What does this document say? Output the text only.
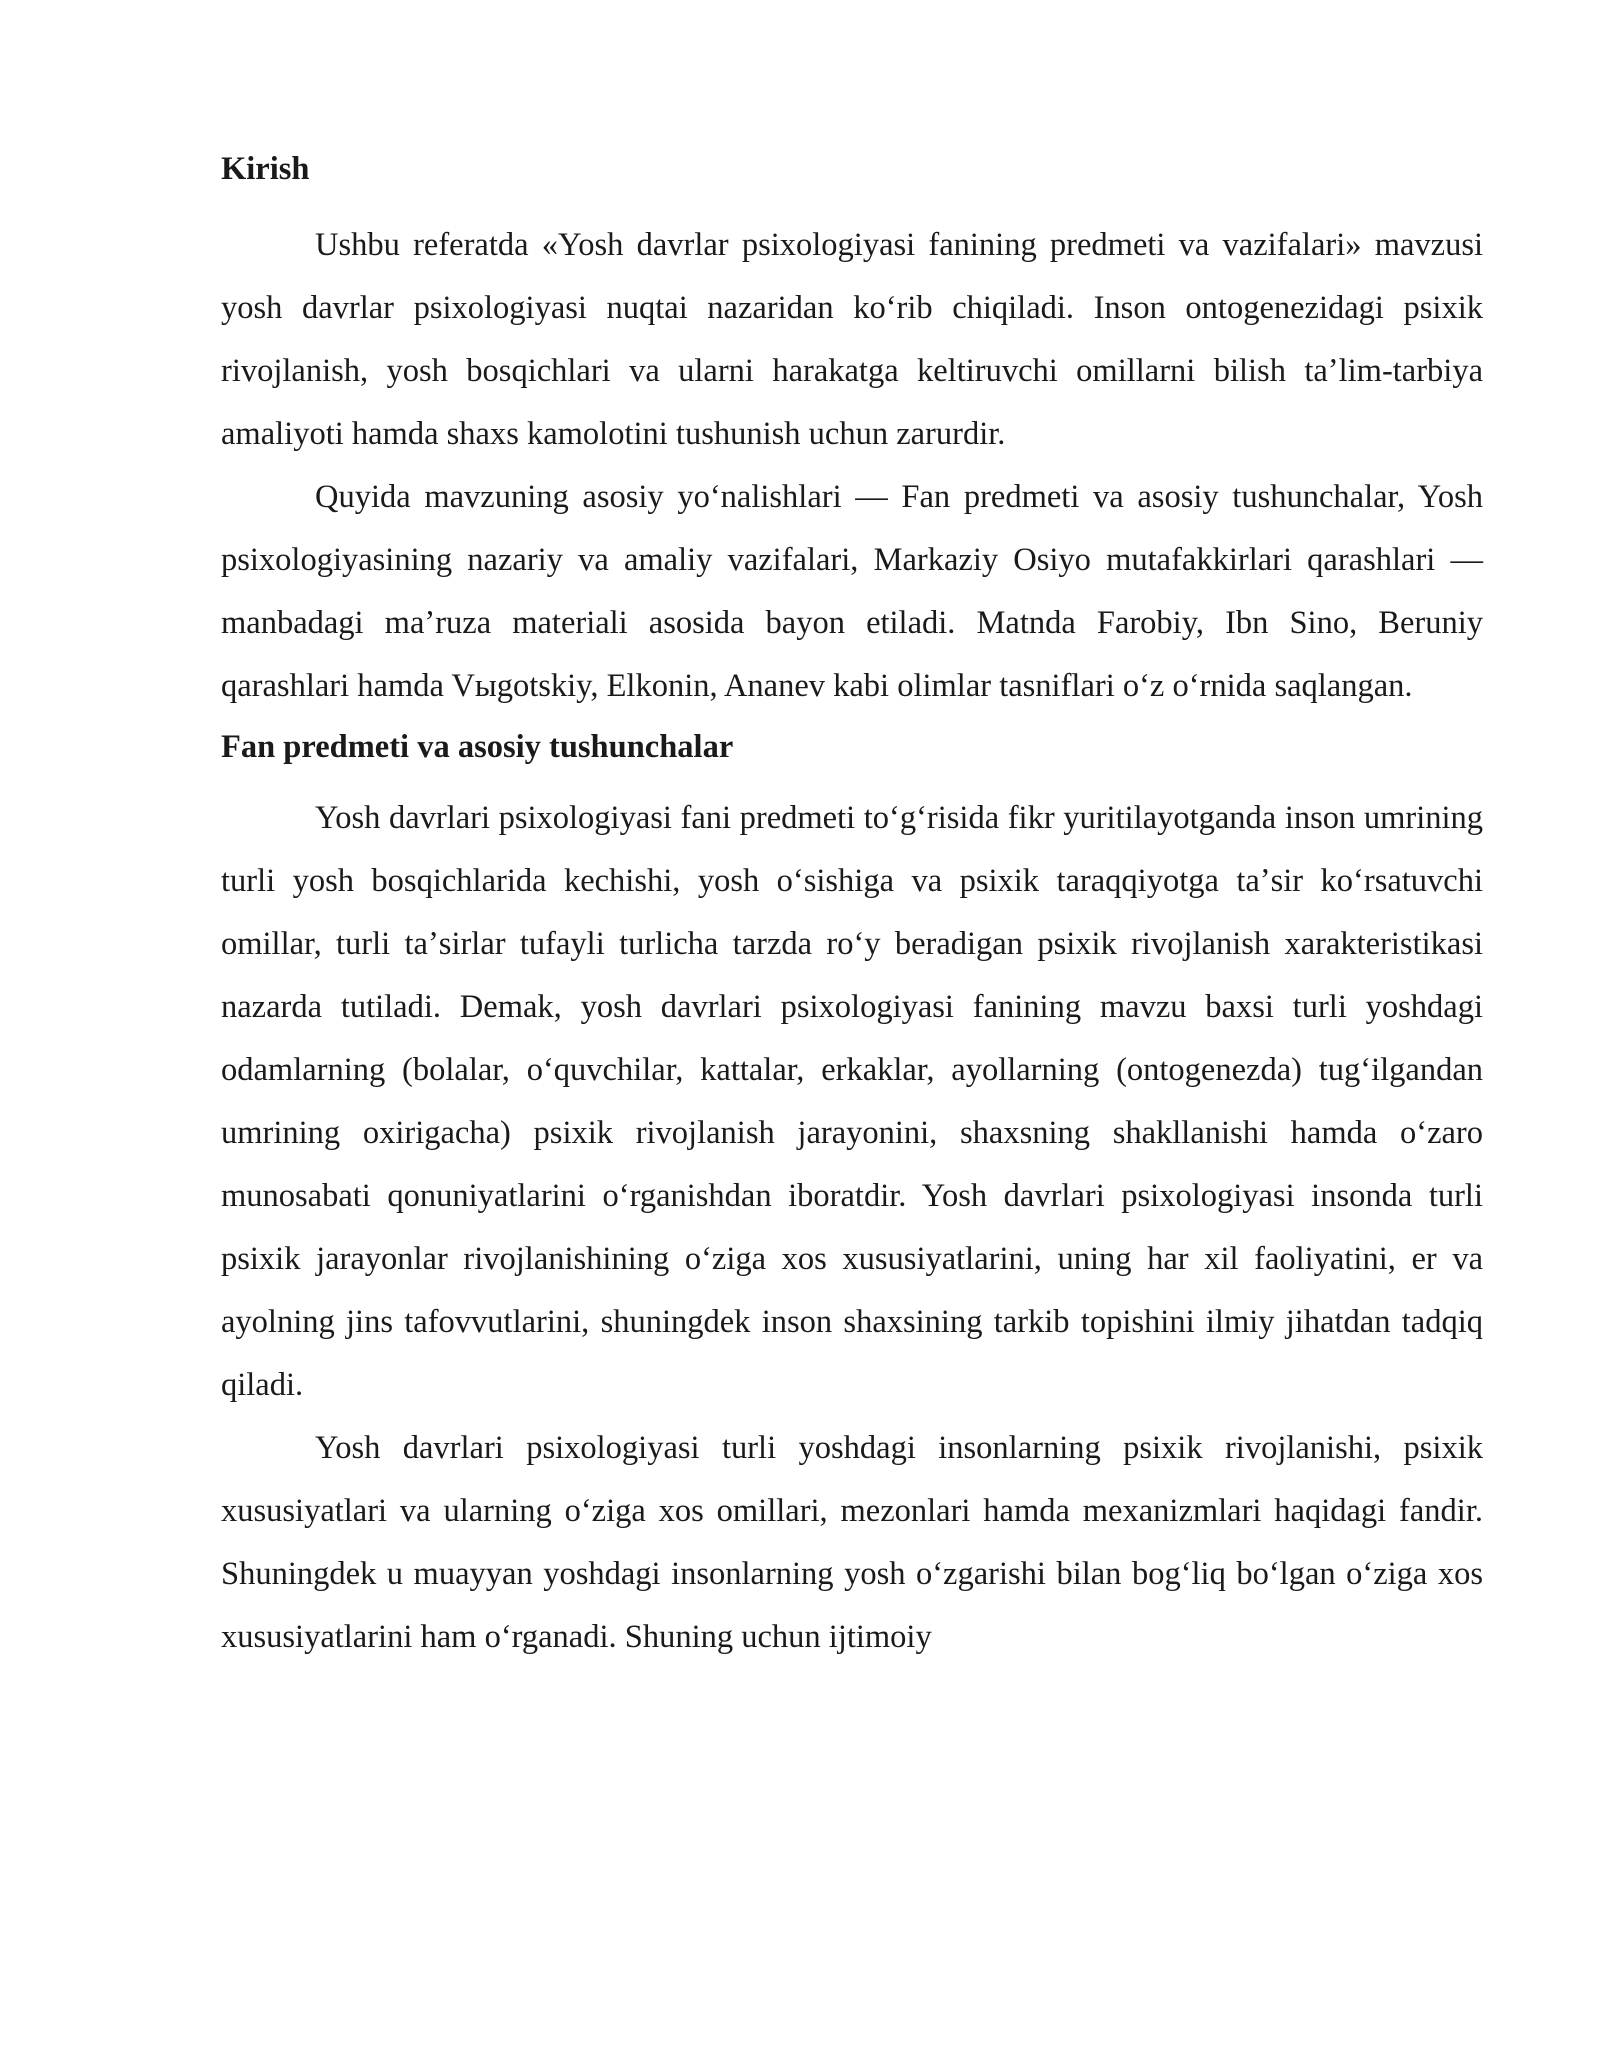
Kirish

Ushbu referatda «Yosh davrlar psixologiyasi fanining predmeti va vazifalari» mavzusi yosh davrlar psixologiyasi nuqtai nazaridan koʻrib chiqiladi. Inson ontogenezidagi psixik rivojlanish, yosh bosqichlari va ularni harakatga keltiruvchi omillarni bilish taʼlim-tarbiya amaliyoti hamda shaxs kamolotini tushunish uchun zarurdir.

Quyida mavzuning asosiy yoʻnalishlari — Fan predmeti va asosiy tushunchalar, Yosh psixologiyasining nazariy va amaliy vazifalari, Markaziy Osiyo mutafakkirlari qarashlari — manbadagi maʼruza materiali asosida bayon etiladi. Matnda Farobiy, Ibn Sino, Beruniy qarashlari hamda Vыgotskiy, Elkonin, Ananev kabi olimlar tasniflari oʻz oʻrnida saqlangan.

Fan predmeti va asosiy tushunchalar

Yosh davrlari psixologiyasi fani predmeti toʻgʻrisida fikr yuritilayotganda inson umrining turli yosh bosqichlarida kechishi, yosh oʻsishiga va psixik taraqqiyotga taʼsir koʻrsatuvchi omillar, turli taʼsirlar tufayli turlicha tarzda roʻy beradigan psixik rivojlanish xarakteristikasi nazarda tutiladi. Demak, yosh davrlari psixologiyasi fanining mavzu baxsi turli yoshdagi odamlarning (bolalar, oʻquvchilar, kattalar, erkaklar, ayollarning (ontogenezda) tugʻilgandan umrining oxirigacha) psixik rivojlanish jarayonini, shaxsning shakllanishi hamda oʻzaro munosabati qonuniyatlarini oʻrganishdan iboratdir. Yosh davrlari psixologiyasi insonda turli psixik jarayonlar rivojlanishining oʻziga xos xususiyatlarini, uning har xil faoliyatini, er va ayolning jins tafovvutlarini, shuningdek inson shaxsining tarkib topishini ilmiy jihatdan tadqiq qiladi.

Yosh davrlari psixologiyasi turli yoshdagi insonlarning psixik rivojlanishi, psixik xususiyatlari va ularning oʻziga xos omillari, mezonlari hamda mexanizmlari haqidagi fandir. Shuningdek u muayyan yoshdagi insonlarning yosh oʻzgarishi bilan bogʻliq boʻlgan oʻziga xos xususiyatlarini ham oʻrganadi. Shuning uchun ijtimoiy
